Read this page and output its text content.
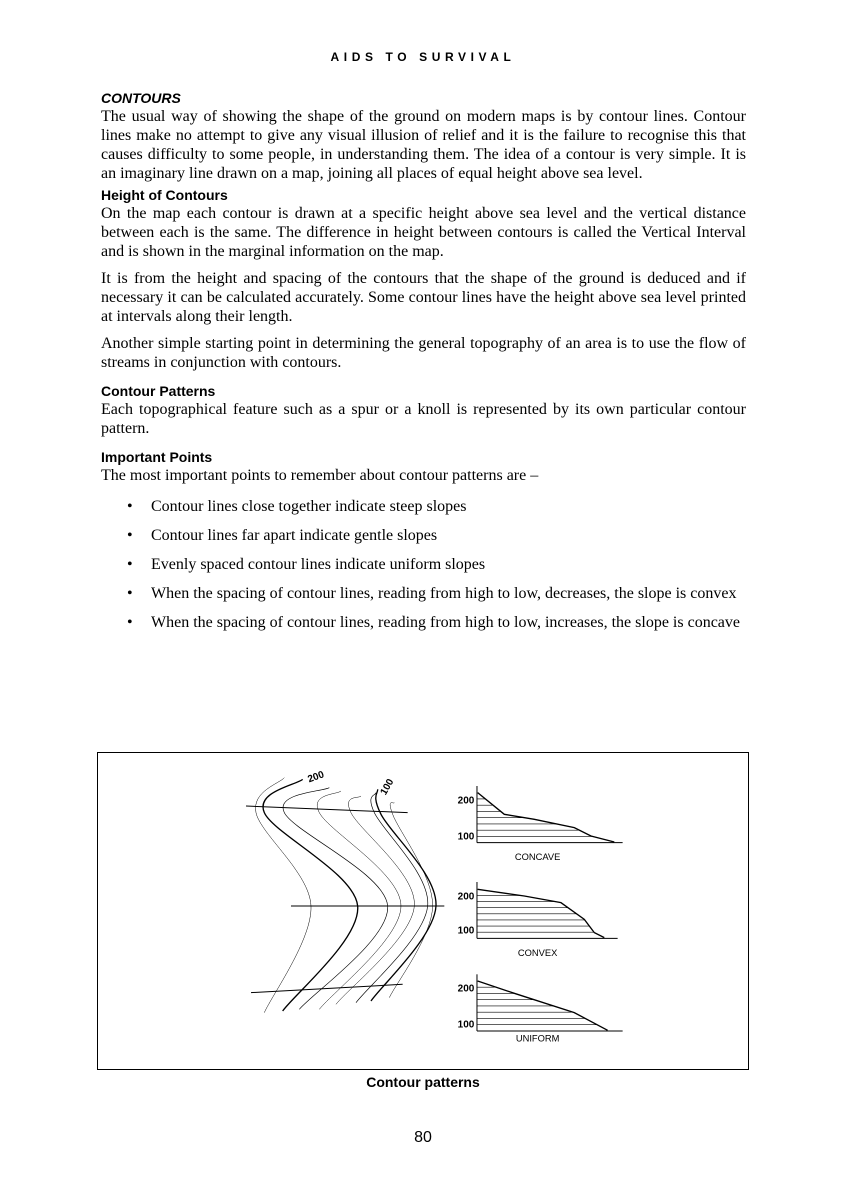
AIDS TO SURVIVAL
CONTOURS

The usual way of showing the shape of the ground on modern maps is by contour lines. Contour lines make no attempt to give any visual illusion of relief and it is the failure to recognise this that causes difficulty to some people, in understanding them. The idea of a contour is very simple. It is an imaginary line drawn on a map, joining all places of equal height above sea level.

Height of Contours

On the map each contour is drawn at a specific height above sea level and the vertical distance between each is the same. The difference in height between contours is called the Vertical Interval and is shown in the marginal information on the map.

It is from the height and spacing of the contours that the shape of the ground is deduced and if necessary it can be calculated accurately. Some contour lines have the height above sea level printed at intervals along their length.

Another simple starting point in determining the general topography of an area is to use the flow of streams in conjunction with contours.

Contour Patterns

Each topographical feature such as a spur or a knoll is represented by its own particular contour pattern.

Important Points

The most important points to remember about contour patterns are –

• Contour lines close together indicate steep slopes
• Contour lines far apart indicate gentle slopes
• Evenly spaced contour lines indicate uniform slopes
• When the spacing of contour lines, reading from high to low, decreases, the slope is convex
• When the spacing of contour lines, reading from high to low, increases, the slope is concave
200 100
200
100
CONCAVE
200
100
CONVEX
200
100
UNIFORM
Contour patterns
80
